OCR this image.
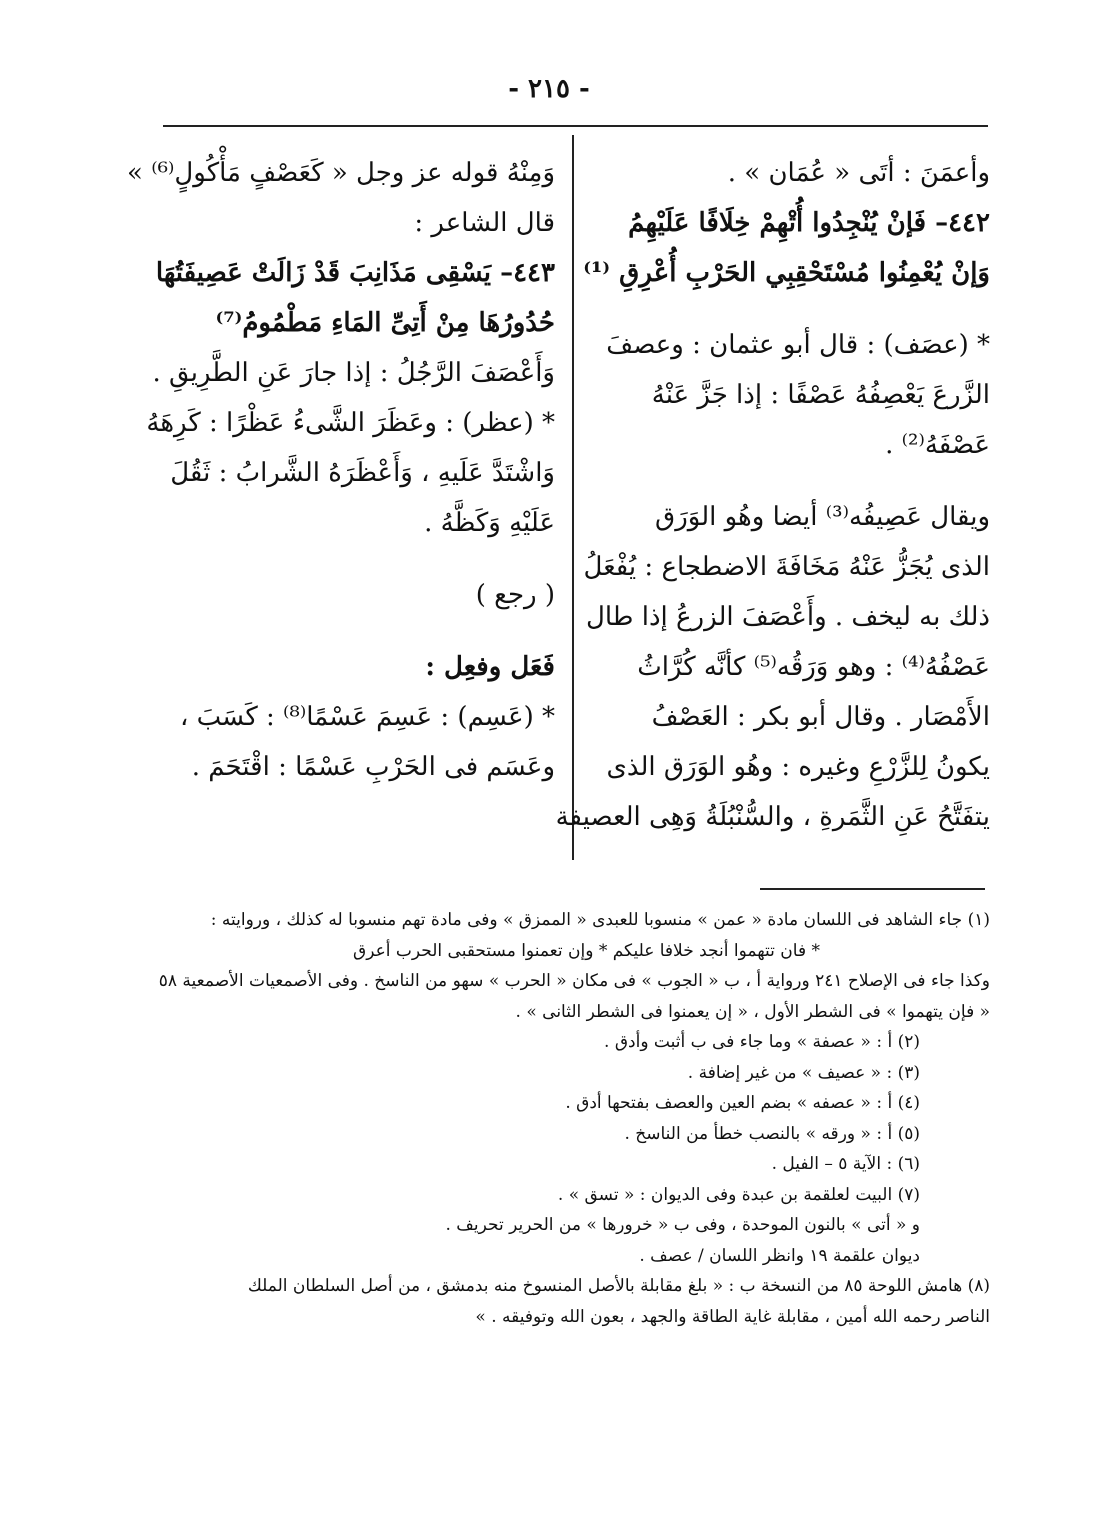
- ٢١٥ -
وأعمَنَ : أتَى « عُمَان » .
٤٤٢– فَإنْ يُنْجِدُوا أُتْهِمْ خِلَافًا عَلَيْهِمُ
وَإنْ يُعْمِنُوا مُسْتَحْقِبِي الحَرْبِ أُعْرِقِ ⁽¹⁾
* (عصَف) : قال أبو عثمان : وعصفَ
الزَّرعَ يَعْصِفُهُ عَصْفًا : إذا جَزَّ عَنْهُ
عَصْفَهُ⁽²⁾ .
ويقال عَصِيفُه⁽³⁾ أيضا وهُو الوَرَق
الذى يُجَزُّ عَنْهُ مَخَافَةَ الاضطجاع : يُفْعَلُ
ذلك به ليخف . وأَعْصَفَ الزرعُ إذا طال
عَصْفُهُ⁽⁴⁾ : وهو وَرَقُه⁽⁵⁾ كأنَّه كُرَّاثُ
الأَمْصَار . وقال أبو بكر : العَصْفُ
يكونُ لِلزَّرْعِ وغيره : وهُو الوَرَق الذى
يتفَتَّحُ عَنِ الثَّمَرةِ ، والسُّنْبُلَةُ وَهِى العصيفة
وَمِنْهُ قوله عز وجل « كَعَصْفٍ مَأْكُولٍ⁽⁶⁾ »
قال الشاعر :
٤٤٣– يَسْقِى مَذَانِبَ قَدْ زَالَتْ عَصِيفَتُهَا
حُدُورُهَا مِنْ أَتِىِّ المَاءِ مَطْمُومُ⁽⁷⁾
وَأَعْصَفَ الرَّجُلُ : إذا جارَ عَنِ الطَّرِيقِ .
* (عظر) : وعَظَرَ الشَّىءُ عَظْرًا : كَرِهَهُ
وَاشْتَدَّ عَلَيهِ ، وَأَعْظَرَهُ الشَّرابُ : ثَقُلَ
عَلَيْهِ وَكَظَّهُ .
( رجع )
فَعَل وفعِل :
* (عَسِم) : عَسِمَ عَسْمًا⁽⁸⁾ : كَسَبَ ،
وعَسَم فى الحَرْبِ عَسْمًا : اقْتَحَمَ .
(١) جاء الشاهد فى اللسان مادة « عمن » منسوبا للعبدى « الممزق » وفى مادة تهم منسوبا له كذلك ، وروايته :
* فان تتهموا أنجد خلافا عليكم * وإن تعمنوا مستحقبى الحرب أعرق
وكذا جاء فى الإصلاح ٢٤١ ورواية أ ، ب « الجوب » فى مكان « الحرب » سهو من الناسخ . وفى الأصمعيات الأصمعية ٥٨
« فإن يتهموا » فى الشطر الأول ، « إن يعمنوا فى الشطر الثانى » .
(٢) أ : « عصفة » وما جاء فى ب أثبت وأدق .
(٣) : « عصيف » من غير إضافة .
(٤) أ : « عصفه » بضم العين والعصف بفتحها أدق .
(٥) أ : « ورقه » بالنصب خطأ من الناسخ .
(٦) : الآية ٥ – الفيل .
(٧) البيت لعلقمة بن عبدة وفى الديوان : « تسق » .
و « أتى » بالنون الموحدة ، وفى ب « خرورها » من الحرير تحريف .
ديوان علقمة ١٩ وانظر اللسان / عصف .
(٨) هامش اللوحة ٨٥ من النسخة ب : « بلغ مقابلة بالأصل المنسوخ منه بدمشق ، من أصل السلطان الملك
الناصر رحمه الله أمين ، مقابلة غاية الطاقة والجهد ، بعون الله وتوفيقه . »
